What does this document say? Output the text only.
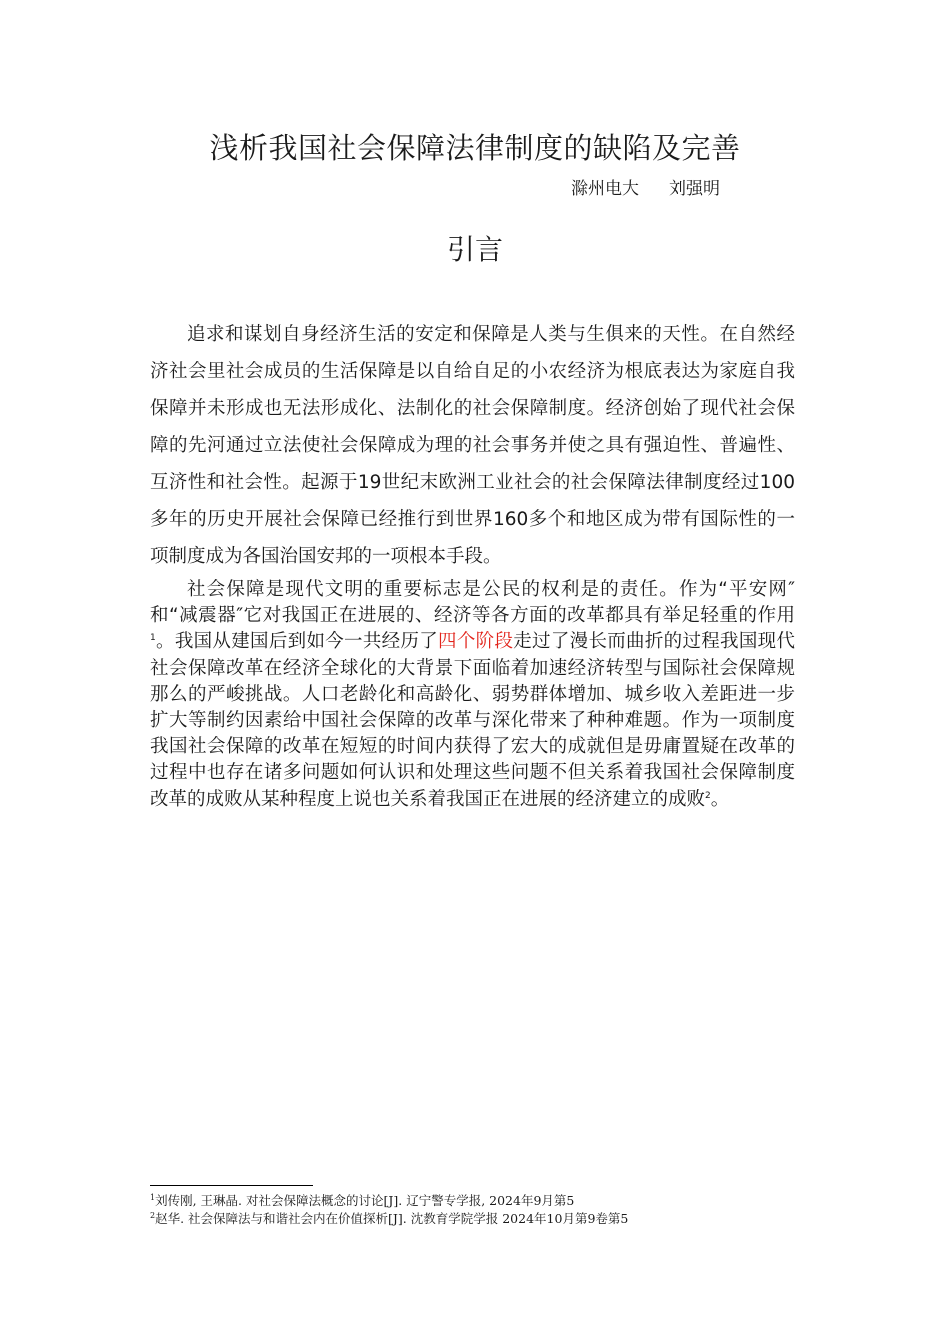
浅析我国社会保障法律制度的缺陷及完善
滁州电大 刘强明
引言

追求和谋划自身经济生活的安定和保障是人类与生俱来的天性。在自然经济社会里社会成员的生活保障是以自给自足的小农经济为根底表达为家庭自我保障并未形成也无法形成化、法制化的社会保障制度。经济创始了现代社会保障的先河通过立法使社会保障成为理的社会事务并使之具有强迫性、普遍性、互济性和社会性。起源于19世纪末欧洲工业社会的社会保障法律制度经过100多年的历史开展社会保障已经推行到世界160多个和地区成为带有国际性的一项制度成为各国治国安邦的一项根本手段。

社会保障是现代文明的重要标志是公民的权利是的责任。作为“平安网″和“减震器″它对我国正在进展的、经济等各方面的改革都具有举足轻重的作用$^1$。我国从建国后到如今一共经历了四个阶段走过了漫长而曲折的过程我国现代社会保障改革在经济全球化的大背景下面临着加速经济转型与国际社会保障规那么的严峻挑战。人口老龄化和高龄化、弱势群体增加、城乡收入差距进一步扩大等制约因素给中国社会保障的改革与深化带来了种种难题。作为一项制度我国社会保障的改革在短短的时间内获得了宏大的成就但是毋庸置疑在改革的过程中也存在诸多问题如何认识和处理这些问题不但关系着我国社会保障制度改革的成败从某种程度上说也关系着我国正在进展的经济建立的成败$^2$。

$^1$刘传刚, 王琳晶. 对社会保障法概念的讨论[J]. 辽宁警专学报, 2024年9月第5
$^2$赵华. 社会保障法与和谐社会内在价值探析[J]. 沈教育学院学报 2024年10月第9卷第5
